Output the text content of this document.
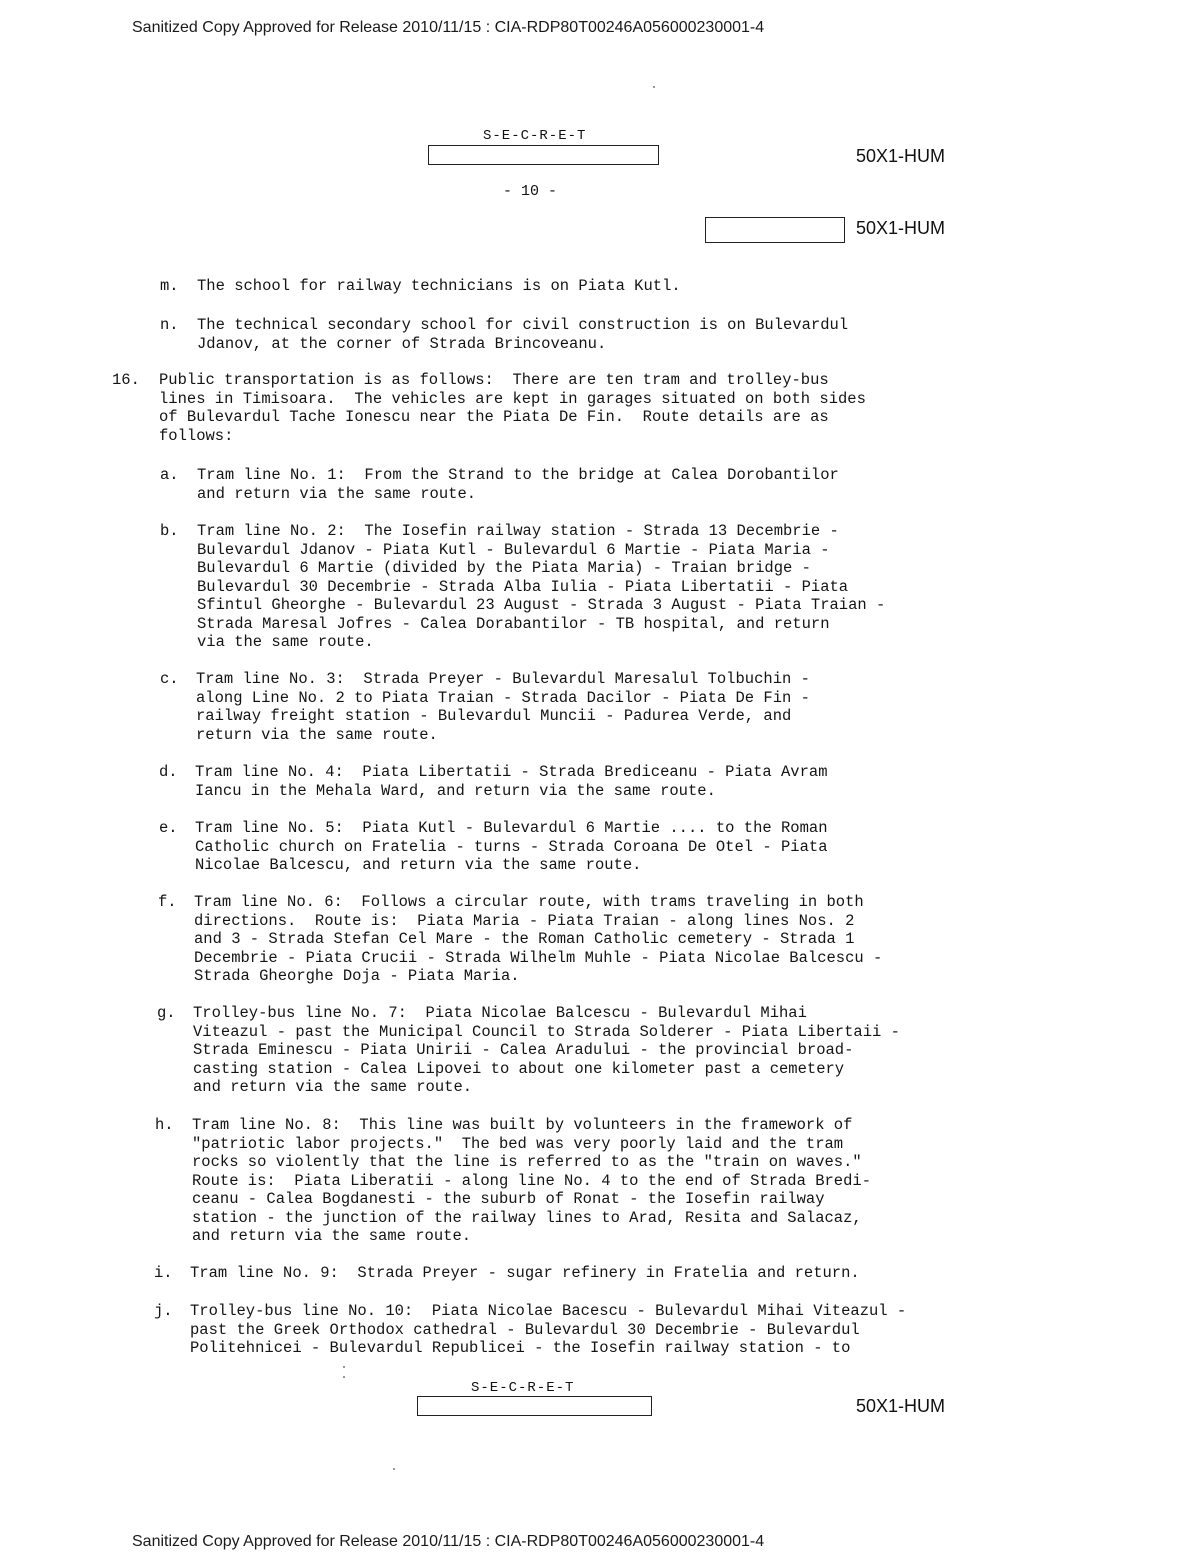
Sanitized Copy Approved for Release 2010/11/15 : CIA-RDP80T00246A056000230001-4
S-E-C-R-E-T
50X1-HUM
- 10 -
50X1-HUM
m. The school for railway technicians is on Piata Kutl.
n. The technical secondary school for civil construction is on Bulevardul
Jdanov, at the corner of Strada Brincoveanu.
16. Public transportation is as follows:  There are ten tram and trolley-bus
lines in Timisoara.  The vehicles are kept in garages situated on both sides
of Bulevardul Tache Ionescu near the Piata De Fin.  Route details are as
follows:
a. Tram line No. 1:  From the Strand to the bridge at Calea Dorobantilor
and return via the same route.
b. Tram line No. 2:  The Iosefin railway station - Strada 13 Decembrie -
Bulevardul Jdanov - Piata Kutl - Bulevardul 6 Martie - Piata Maria -
Bulevardul 6 Martie (divided by the Piata Maria) - Traian bridge -
Bulevardul 30 Decembrie - Strada Alba Iulia - Piata Libertatii - Piata
Sfintul Gheorghe - Bulevardul 23 August - Strada 3 August - Piata Traian -
Strada Maresal Jofres - Calea Dorabantilor - TB hospital, and return
via the same route.
c. Tram line No. 3:  Strada Preyer - Bulevardul Maresalul Tolbuchin -
along Line No. 2 to Piata Traian - Strada Dacilor - Piata De Fin -
railway freight station - Bulevardul Muncii - Padurea Verde, and
return via the same route.
d. Tram line No. 4:  Piata Libertatii - Strada Brediceanu - Piata Avram
Iancu in the Mehala Ward, and return via the same route.
e. Tram line No. 5:  Piata Kutl - Bulevardul 6 Martie .... to the Roman
Catholic church on Fratelia - turns - Strada Coroana De Otel - Piata
Nicolae Balcescu, and return via the same route.
f. Tram line No. 6:  Follows a circular route, with trams traveling in both
directions.  Route is:  Piata Maria - Piata Traian - along lines Nos. 2
and 3 - Strada Stefan Cel Mare - the Roman Catholic cemetery - Strada 1
Decembrie - Piata Crucii - Strada Wilhelm Muhle - Piata Nicolae Balcescu -
Strada Gheorghe Doja - Piata Maria.
g. Trolley-bus line No. 7:  Piata Nicolae Balcescu - Bulevardul Mihai
Viteazul - past the Municipal Council to Strada Solderer - Piata Libertaii -
Strada Eminescu - Piata Unirii - Calea Aradului - the provincial broad-
casting station - Calea Lipovei to about one kilometer past a cemetery
and return via the same route.
h. Tram line No. 8:  This line was built by volunteers in the framework of
"patriotic labor projects."  The bed was very poorly laid and the tram
rocks so violently that the line is referred to as the "train on waves."
Route is:  Piata Liberatii - along line No. 4 to the end of Strada Bredi-
ceanu - Calea Bogdanesti - the suburb of Ronat - the Iosefin railway
station - the junction of the railway lines to Arad, Resita and Salacaz,
and return via the same route.
i. Tram line No. 9:  Strada Preyer - sugar refinery in Fratelia and return.
j. Trolley-bus line No. 10:  Piata Nicolae Bacescu - Bulevardul Mihai Viteazul -
past the Greek Orthodox cathedral - Bulevardul 30 Decembrie - Bulevardul
Politehnicei - Bulevardul Republicei - the Iosefin railway station - to
S-E-C-R-E-T
50X1-HUM
Sanitized Copy Approved for Release 2010/11/15 : CIA-RDP80T00246A056000230001-4
